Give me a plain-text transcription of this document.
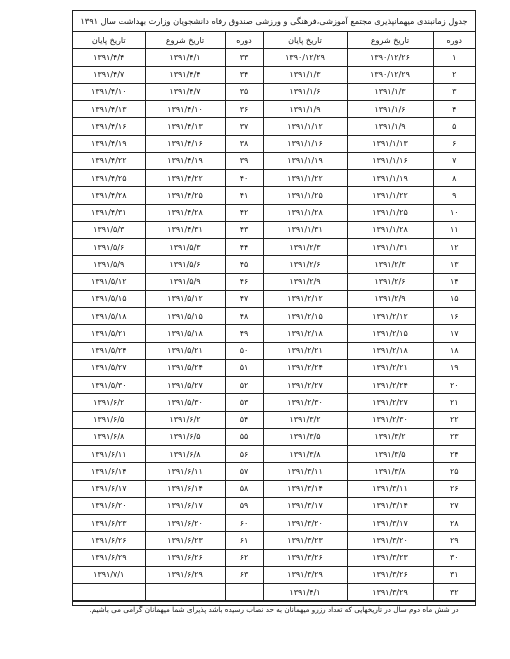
جدول زمانبندی میهمانپذیری مجتمع آموزشی،فرهنگی و ورزشی صندوق رفاه دانشجویان وزارت بهداشت سال ۱۳۹۱
تاریخ پایان	تاریخ شروع	دوره	تاریخ پایان	تاریخ شروع	دوره
۱۳۹۱/۴/۴	۱۳۹۱/۴/۱	۳۳	۱۳۹۰/۱۲/۲۹	۱۳۹۰/۱۲/۲۶	۱
۱۳۹۱/۴/۷	۱۳۹۱/۴/۴	۳۴	۱۳۹۱/۱/۳	۱۳۹۰/۱۲/۲۹	۲
۱۳۹۱/۴/۱۰	۱۳۹۱/۴/۷	۳۵	۱۳۹۱/۱/۶	۱۳۹۱/۱/۳	۳
۱۳۹۱/۴/۱۳	۱۳۹۱/۴/۱۰	۳۶	۱۳۹۱/۱/۹	۱۳۹۱/۱/۶	۴
۱۳۹۱/۴/۱۶	۱۳۹۱/۴/۱۳	۳۷	۱۳۹۱/۱/۱۲	۱۳۹۱/۱/۹	۵
۱۳۹۱/۴/۱۹	۱۳۹۱/۴/۱۶	۳۸	۱۳۹۱/۱/۱۶	۱۳۹۱/۱/۱۳	۶
۱۳۹۱/۴/۲۲	۱۳۹۱/۴/۱۹	۳۹	۱۳۹۱/۱/۱۹	۱۳۹۱/۱/۱۶	۷
۱۳۹۱/۴/۲۵	۱۳۹۱/۴/۲۲	۴۰	۱۳۹۱/۱/۲۲	۱۳۹۱/۱/۱۹	۸
۱۳۹۱/۴/۲۸	۱۳۹۱/۴/۲۵	۴۱	۱۳۹۱/۱/۲۵	۱۳۹۱/۱/۲۲	۹
۱۳۹۱/۴/۳۱	۱۳۹۱/۴/۲۸	۴۲	۱۳۹۱/۱/۲۸	۱۳۹۱/۱/۲۵	۱۰
۱۳۹۱/۵/۳	۱۳۹۱/۴/۳۱	۴۳	۱۳۹۱/۱/۳۱	۱۳۹۱/۱/۲۸	۱۱
۱۳۹۱/۵/۶	۱۳۹۱/۵/۳	۴۴	۱۳۹۱/۲/۳	۱۳۹۱/۱/۳۱	۱۲
۱۳۹۱/۵/۹	۱۳۹۱/۵/۶	۴۵	۱۳۹۱/۲/۶	۱۳۹۱/۲/۳	۱۳
۱۳۹۱/۵/۱۲	۱۳۹۱/۵/۹	۴۶	۱۳۹۱/۲/۹	۱۳۹۱/۲/۶	۱۴
۱۳۹۱/۵/۱۵	۱۳۹۱/۵/۱۲	۴۷	۱۳۹۱/۲/۱۲	۱۳۹۱/۲/۹	۱۵
۱۳۹۱/۵/۱۸	۱۳۹۱/۵/۱۵	۴۸	۱۳۹۱/۲/۱۵	۱۳۹۱/۲/۱۲	۱۶
۱۳۹۱/۵/۲۱	۱۳۹۱/۵/۱۸	۴۹	۱۳۹۱/۲/۱۸	۱۳۹۱/۲/۱۵	۱۷
۱۳۹۱/۵/۲۴	۱۳۹۱/۵/۲۱	۵۰	۱۳۹۱/۲/۲۱	۱۳۹۱/۲/۱۸	۱۸
۱۳۹۱/۵/۲۷	۱۳۹۱/۵/۲۴	۵۱	۱۳۹۱/۲/۲۴	۱۳۹۱/۲/۲۱	۱۹
۱۳۹۱/۵/۳۰	۱۳۹۱/۵/۲۷	۵۲	۱۳۹۱/۲/۲۷	۱۳۹۱/۲/۲۴	۲۰
۱۳۹۱/۶/۲	۱۳۹۱/۵/۳۰	۵۳	۱۳۹۱/۲/۳۰	۱۳۹۱/۲/۲۷	۲۱
۱۳۹۱/۶/۵	۱۳۹۱/۶/۲	۵۴	۱۳۹۱/۳/۲	۱۳۹۱/۲/۳۰	۲۲
۱۳۹۱/۶/۸	۱۳۹۱/۶/۵	۵۵	۱۳۹۱/۳/۵	۱۳۹۱/۳/۲	۲۳
۱۳۹۱/۶/۱۱	۱۳۹۱/۶/۸	۵۶	۱۳۹۱/۳/۸	۱۳۹۱/۳/۵	۲۴
۱۳۹۱/۶/۱۴	۱۳۹۱/۶/۱۱	۵۷	۱۳۹۱/۳/۱۱	۱۳۹۱/۳/۸	۲۵
۱۳۹۱/۶/۱۷	۱۳۹۱/۶/۱۴	۵۸	۱۳۹۱/۳/۱۴	۱۳۹۱/۳/۱۱	۲۶
۱۳۹۱/۶/۲۰	۱۳۹۱/۶/۱۷	۵۹	۱۳۹۱/۳/۱۷	۱۳۹۱/۳/۱۴	۲۷
۱۳۹۱/۶/۲۳	۱۳۹۱/۶/۲۰	۶۰	۱۳۹۱/۳/۲۰	۱۳۹۱/۳/۱۷	۲۸
۱۳۹۱/۶/۲۶	۱۳۹۱/۶/۲۳	۶۱	۱۳۹۱/۳/۲۳	۱۳۹۱/۳/۲۰	۲۹
۱۳۹۱/۶/۲۹	۱۳۹۱/۶/۲۶	۶۲	۱۳۹۱/۳/۲۶	۱۳۹۱/۳/۲۳	۳۰
۱۳۹۱/۷/۱	۱۳۹۱/۶/۲۹	۶۳	۱۳۹۱/۳/۲۹	۱۳۹۱/۳/۲۶	۳۱
			۱۳۹۱/۴/۱	۱۳۹۱/۳/۲۹	۳۲
در شش ماه دوم سال در تاریخهایی که تعداد رزرو میهمانان به حد نصاب رسیده باشد پذیرای شما میهمانان گرامی می باشیم.
